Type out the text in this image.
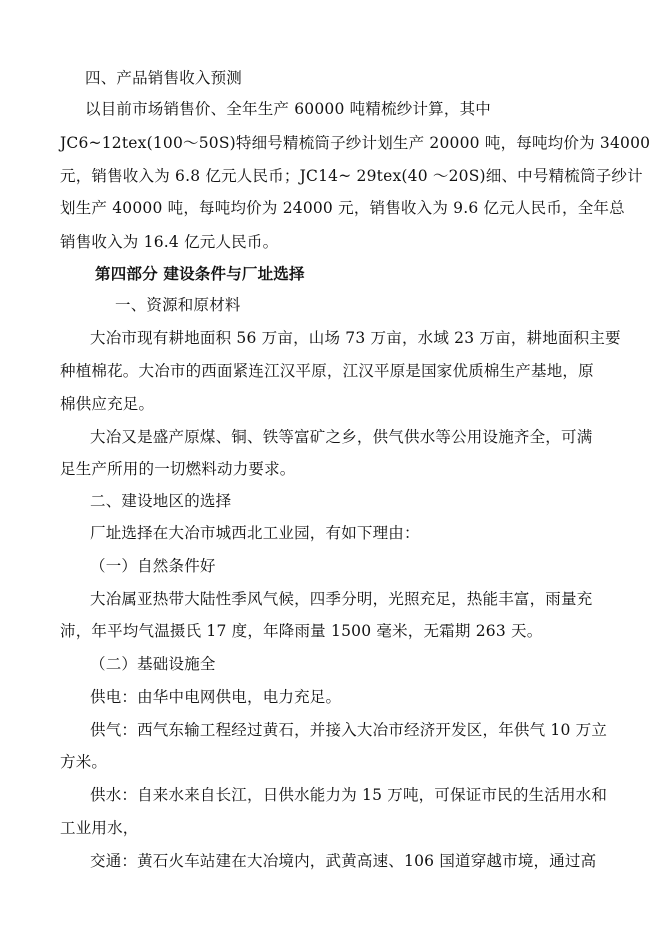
四、产品销售收入预测
以目前市场销售价、全年生产 60000 吨精梳纱计算，其中
JC6~12tex(100～50S)特细号精梳筒子纱计划生产 20000 吨，每吨均价为 34000
元，销售收入为 6.8 亿元人民币；JC14~ 29tex(40 ～20S)细、中号精梳筒子纱计
划生产 40000 吨，每吨均价为 24000 元，销售收入为 9.6 亿元人民币，全年总
销售收入为 16.4 亿元人民币。
第四部分 建设条件与厂址选择
一、资源和原材料
大冶市现有耕地面积 56 万亩，山场 73 万亩，水域 23 万亩，耕地面积主要
种植棉花。大冶市的西面紧连江汉平原，江汉平原是国家优质棉生产基地，原
棉供应充足。
大冶又是盛产原煤、铜、铁等富矿之乡，供气供水等公用设施齐全，可满
足生产所用的一切燃料动力要求。
二、建设地区的选择
厂址选择在大冶市城西北工业园，有如下理由：
（一）自然条件好
大冶属亚热带大陆性季风气候，四季分明，光照充足，热能丰富，雨量充
沛，年平均气温摄氏 17 度，年降雨量 1500 毫米，无霜期 263 天。
（二）基础设施全
供电：由华中电网供电，电力充足。
供气：西气东输工程经过黄石，并接入大冶市经济开发区，年供气 10 万立
方米。
供水：自来水来自长江，日供水能力为 15 万吨，可保证市民的生活用水和
工业用水，
交通：黄石火车站建在大冶境内，武黄高速、106 国道穿越市境，通过高
